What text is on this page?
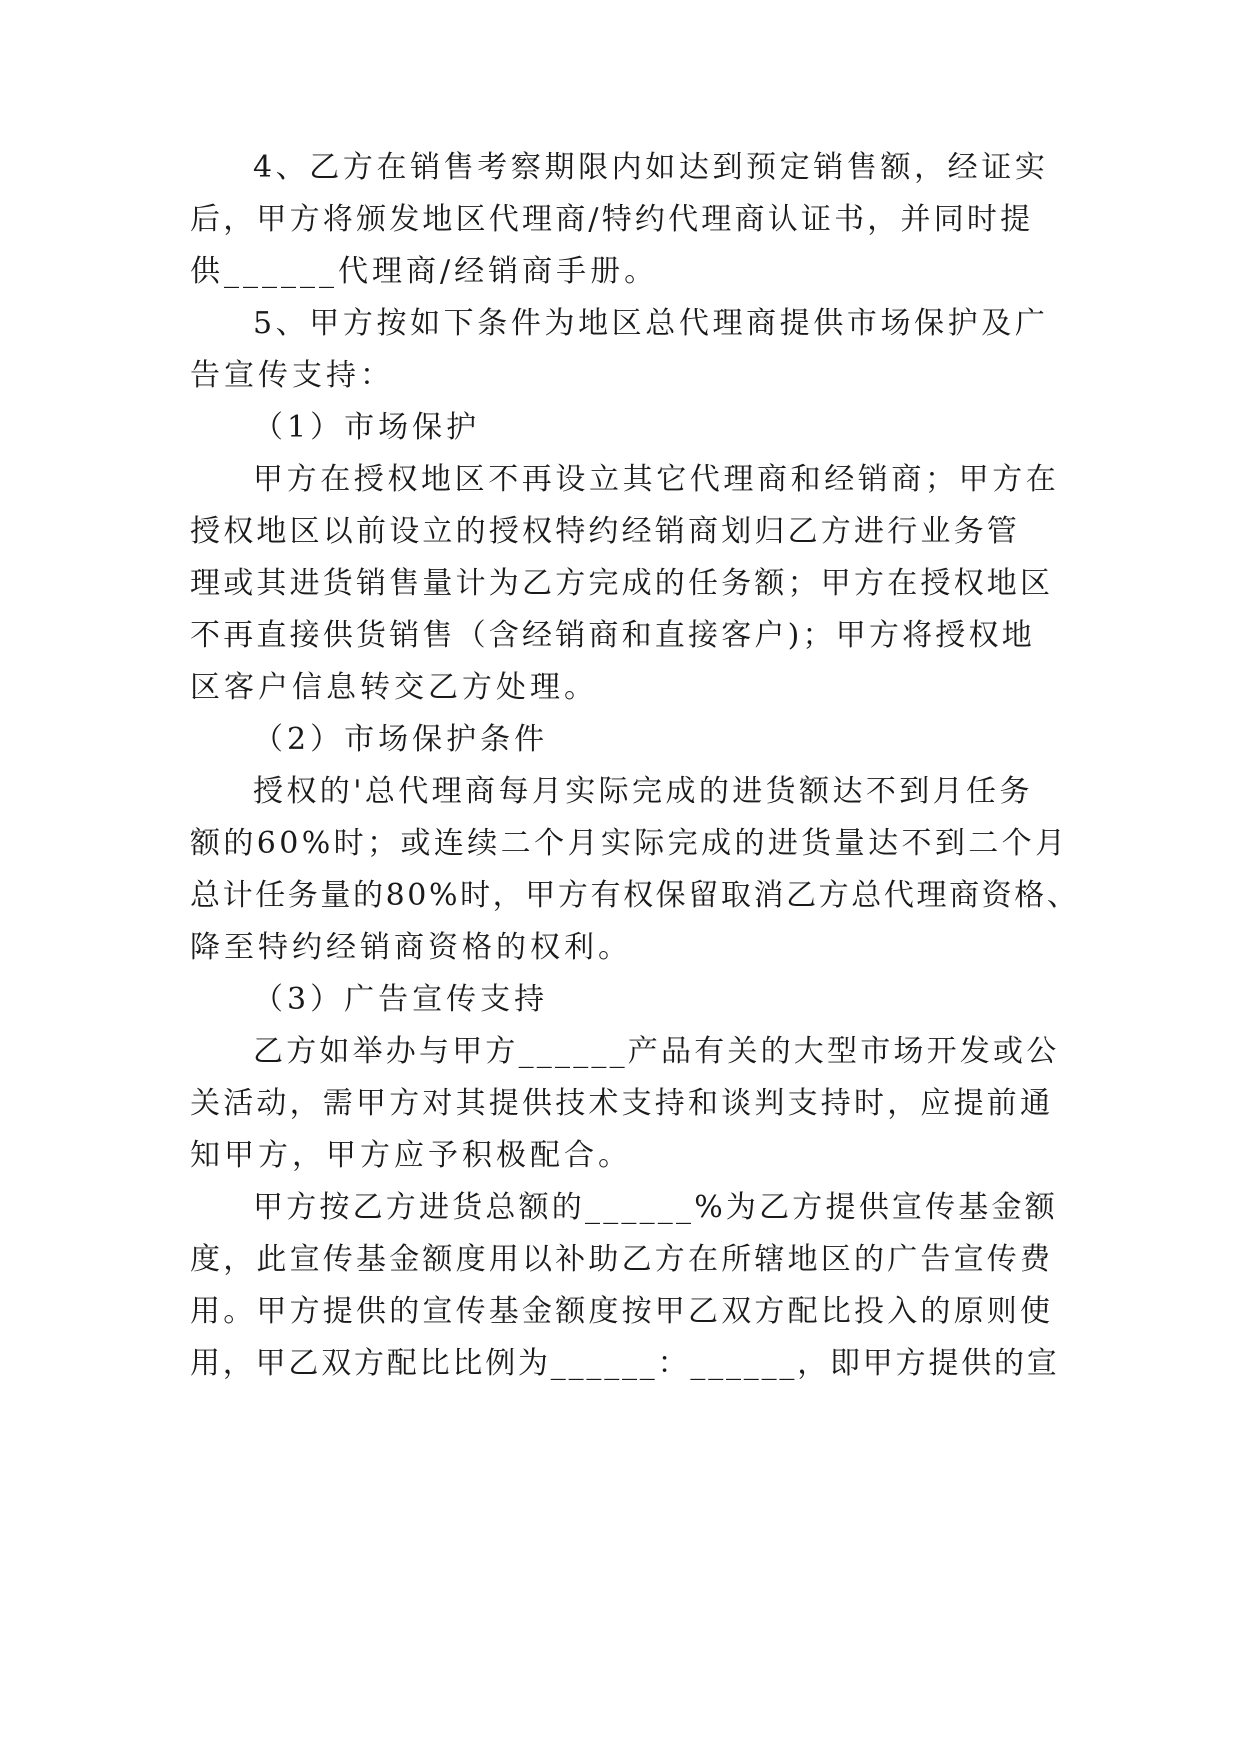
4、乙方在销售考察期限内如达到预定销售额，经证实
后，甲方将颁发地区代理商/特约代理商认证书，并同时提
供______代理商/经销商手册。
5、甲方按如下条件为地区总代理商提供市场保护及广
告宣传支持：
（1）市场保护
甲方在授权地区不再设立其它代理商和经销商；甲方在
授权地区以前设立的授权特约经销商划归乙方进行业务管
理或其进货销售量计为乙方完成的任务额；甲方在授权地区
不再直接供货销售（含经销商和直接客户)；甲方将授权地
区客户信息转交乙方处理。
（2）市场保护条件
授权的'总代理商每月实际完成的进货额达不到月任务
额的60%时；或连续二个月实际完成的进货量达不到二个月
总计任务量的80%时，甲方有权保留取消乙方总代理商资格、
降至特约经销商资格的权利。
（3）广告宣传支持
乙方如举办与甲方______产品有关的大型市场开发或公
关活动，需甲方对其提供技术支持和谈判支持时，应提前通
知甲方，甲方应予积极配合。
甲方按乙方进货总额的______%为乙方提供宣传基金额
度，此宣传基金额度用以补助乙方在所辖地区的广告宣传费
用。甲方提供的宣传基金额度按甲乙双方配比投入的原则使
用，甲乙双方配比比例为______：______，即甲方提供的宣
